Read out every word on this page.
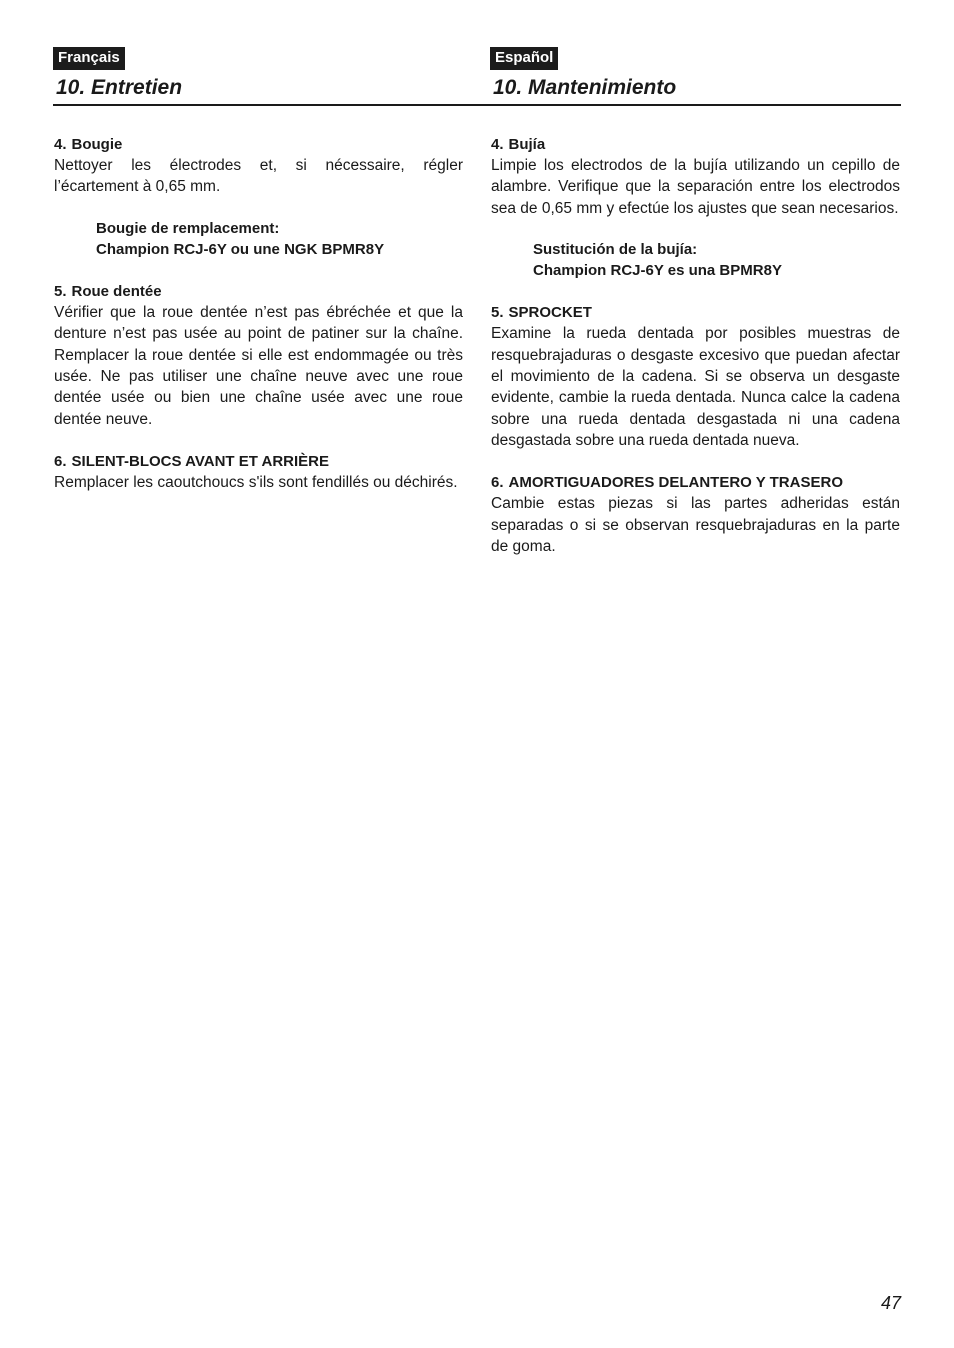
Français
10. Entretien
Español
10. Mantenimiento

4. Bougie

Nettoyer les électrodes et, si nécessaire, régler l’écartement à 0,65 mm.

Bougie de remplacement:
Champion RCJ-6Y ou une NGK BPMR8Y

5. Roue dentée

Vérifier que la roue dentée n’est pas ébréchée et que la denture n’est pas usée au point de patiner sur la chaîne. Remplacer la roue dentée si elle est endommagée ou très usée. Ne pas utiliser une chaîne neuve avec une roue dentée usée ou bien une chaîne usée avec une roue dentée neuve.

6. SILENT-BLOCS AVANT ET ARRIÈRE

Remplacer les caoutchoucs s'ils sont fendillés ou déchirés.

4. Bujía

Limpie los electrodos de la bujía utilizando un cepillo de alambre. Verifique que la separación entre los electrodos sea de 0,65 mm y efectúe los ajustes que sean necesarios.

Sustitución de la bujía:
Champion RCJ-6Y es una BPMR8Y

5. SPROCKET

Examine la rueda dentada por posibles muestras de resquebrajaduras o desgaste excesivo que puedan afectar el movimiento de la cadena. Si se observa un desgaste evidente, cambie la rueda dentada. Nunca calce la cadena sobre una rueda dentada desgastada ni una cadena desgastada sobre una rueda dentada nueva.

6. AMORTIGUADORES DELANTERO Y TRASERO

Cambie estas piezas si las partes adheridas están separadas o si se observan resquebrajaduras en la parte de goma.

47
